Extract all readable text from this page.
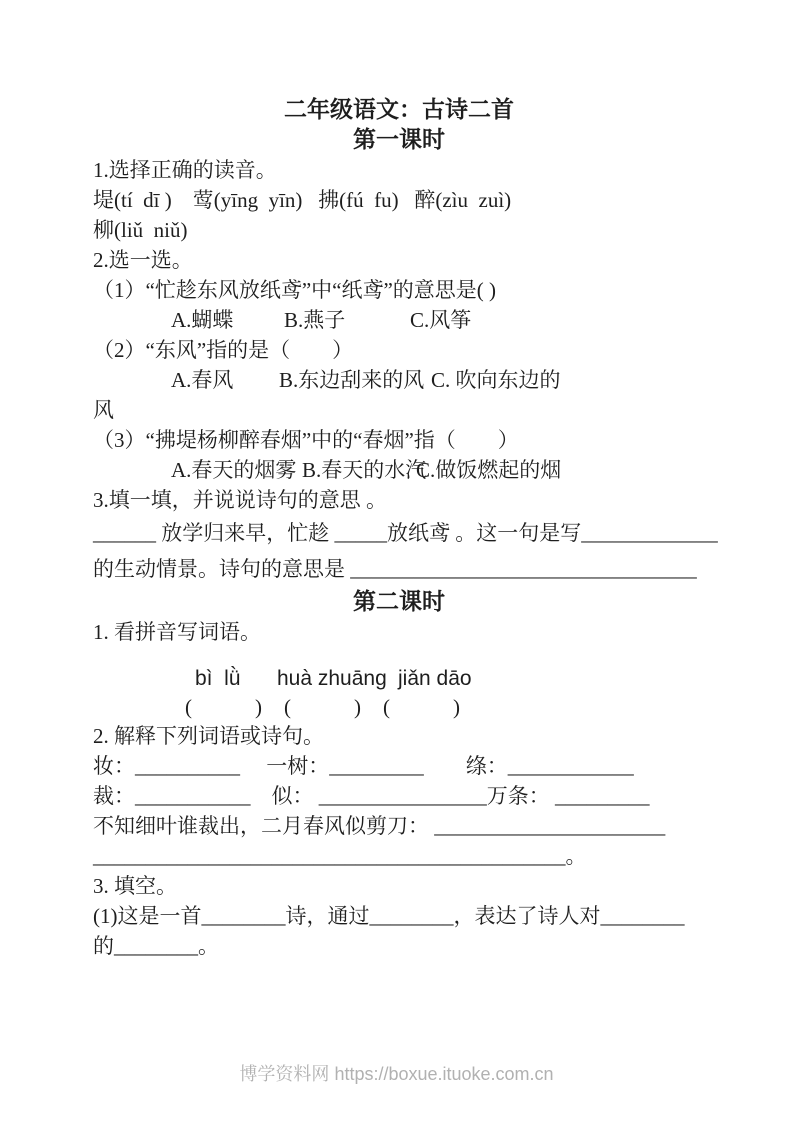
二年级语文：古诗二首

第一课时

1.选择正确的读音。

堤(tí  dī )    莺(yīng  yīn)   拂(fú  fu)   醉(zìu  zuì)

柳(liǔ  niǔ)

2.选一选。

（1）“忙趁东风放纸鸢”中“纸鸢”的意思是( )

A.蝴蝶	B.燕子	C.风筝

（2）“东风”指的是（　　）

A.春风	B.东边刮来的风 C. 吹向东边的

风

（3）“拂堤杨柳醉春烟”中的“春烟”指（　　）

A.春天的烟雾 B.春天的水汽
C.做饭燃起的烟

3.填一填，并说说诗句的意思 。

______ 放学归来早，忙趁 _____放纸鸢 。这一句是写_____________

的生动情景。诗句的意思是 _________________________________

第二课时

1. 看拼音写词语。

bì  lǜ	huà zhuāng jiǎn dāo
(　　　) (　　　) (　　　)

2. 解释下列词语或诗句。

妆：__________　 一树：_________　　绦：____________

裁：___________　似： ________________万条： _________

不知细叶谁裁出，二月春风似剪刀： ______________________

_____________________________________________。

3. 填空。

(1)这是一首________诗，通过________，表达了诗人对________

的________。

博学资料网 https://boxue.ituoke.com.cn
